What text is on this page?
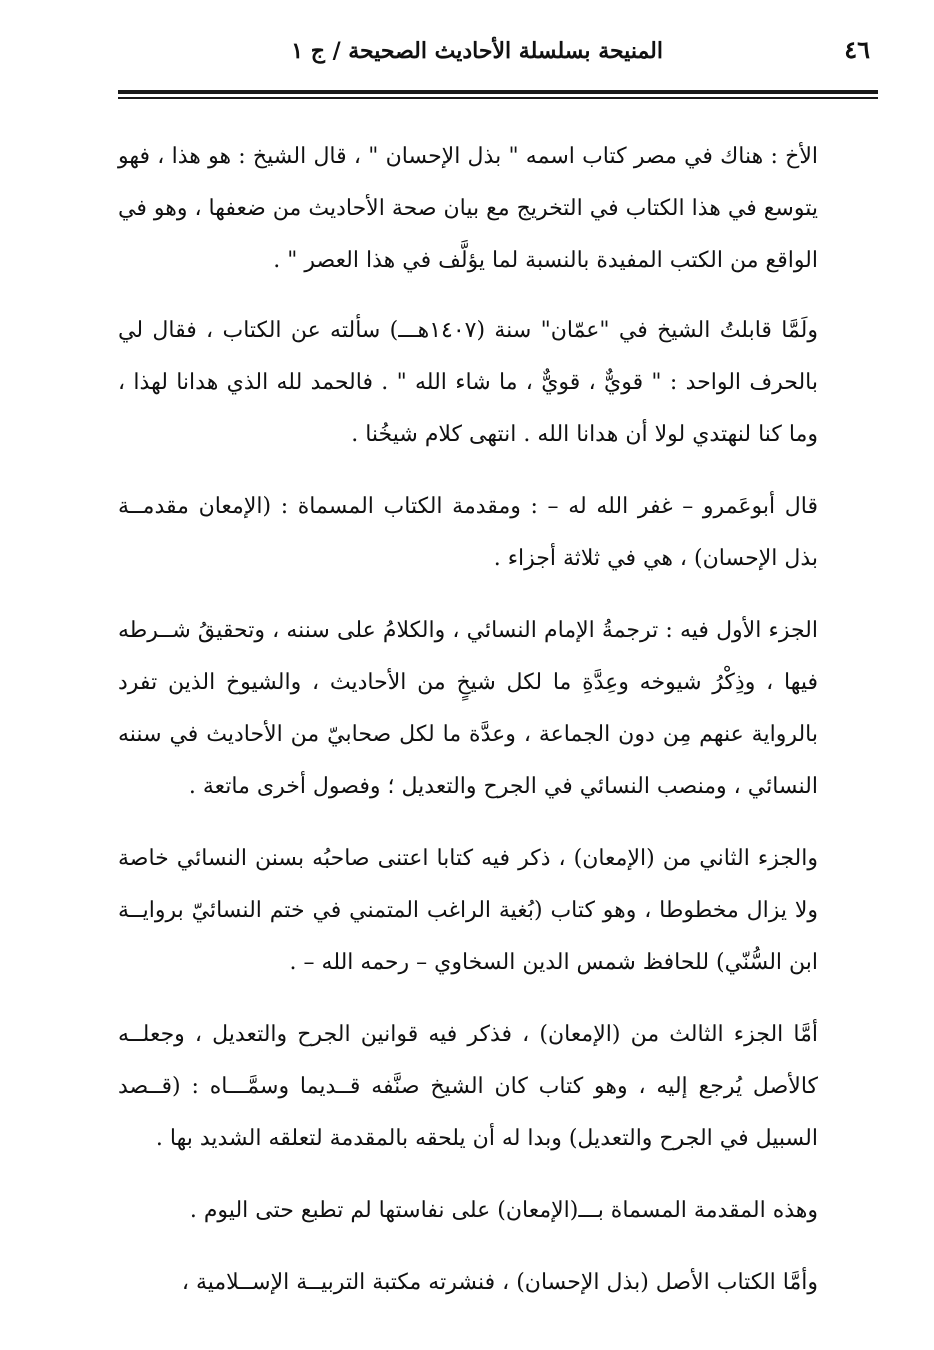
٤٦
المنيحة بسلسلة الأحاديث الصحيحة / ج ١

الأخ : هناك في مصر كتاب اسمه " بذل الإحسان " ، قال الشيخ : هو هذا ، فهو يتوسع في هذا الكتاب في التخريج مع بيان صحة الأحاديث من ضعفها ، وهو في الواقع من الكتب المفيدة بالنسبة لما يؤلَّف في هذا العصر " .

ولَمَّا قابلتُ الشيخ في "عمّان" سنة (١٤٠٧هـــ) سألته عن الكتاب ، فقال لي بالحرف الواحد : " قويٌّ ، قويٌّ ، ما شاء الله " . فالحمد لله الذي هدانا لهذا ، وما كنا لنهتدي لولا أن هدانا الله . انتهى كلام شيخُنا .

قال أبوعَمرو – غفر الله له – : ومقدمة الكتاب المسماة : (الإمعان مقدمــة بذل الإحسان) ، هي في ثلاثة أجزاء .

الجزء الأول فيه : ترجمةُ الإمام النسائي ، والكلامُ على سننه ، وتحقيقُ شــرطه فيها ، وذِكْرُ شيوخه وعِدَّةِ ما لكل شيخٍ من الأحاديث ، والشيوخ الذين تفرد بالرواية عنهم مِن دون الجماعة ، وعدَّة ما لكل صحابيّ من الأحاديث في سننه النسائي ، ومنصب النسائي في الجرح والتعديل ؛ وفصول أخرى ماتعة .

والجزء الثاني من (الإمعان) ، ذكر فيه كتابا اعتنى صاحبُه بسنن النسائي خاصة ولا يزال مخطوطا ، وهو كتاب (بُغية الراغب المتمني في ختم النسائيّ بروايــة ابن السُّنّي) للحافظ شمس الدين السخاوي – رحمه الله – .

أمَّا الجزء الثالث من (الإمعان) ، فذكر فيه قوانين الجرح والتعديل ، وجعلــه كالأصل يُرجع إليه ، وهو كتاب كان الشيخ صنَّفه قــديما وسمَّـــاه : (قــصد السبيل في الجرح والتعديل) وبدا له أن يلحقه بالمقدمة لتعلقه الشديد بها .

وهذه المقدمة المسماة بـــ(الإمعان) على نفاستها لم تطبع حتى اليوم .

وأمَّا الكتاب الأصل (بذل الإحسان) ، فنشرته مكتبة التربيــة الإســلامية ،
